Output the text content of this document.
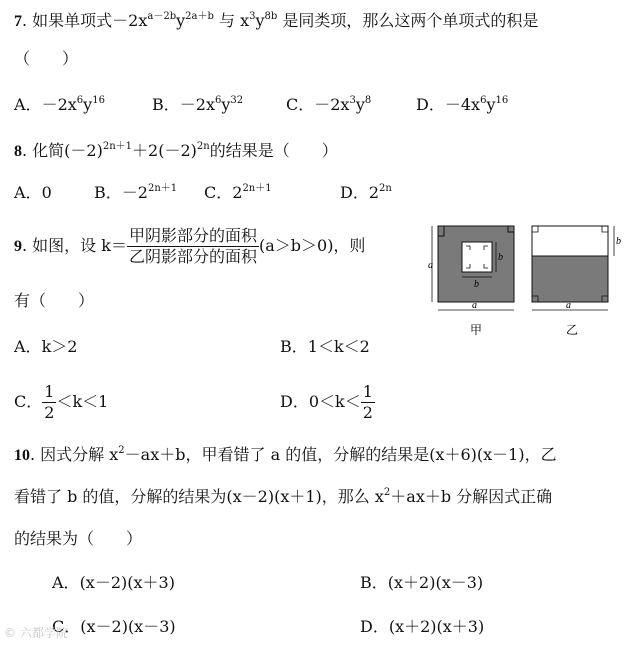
7. 如果单项式$-2x^{a-2b}y^{2a+b}$ 与 $x^3y^{8b}$ 是同类项，那么这两个单项式的积是
（　　）
A．$-2x^6y^{16}$	B．$-2x^6y^{32}$	C．$-2x^3y^8$	D．$-4x^6y^{16}$
8. 化简$(-2)^{2n+1}+2(-2)^{2n}$的结果是（　　）
A．0	B．$-2^{2n+1}$ C．$2^{2n+1}$	D．$2^{2n}$
9. 如图，设 $k= \frac{\text{甲阴影部分的面积}}{\text{乙阴影部分的面积}} (a>b>0)$，则
有（　　）
a
a
b
b
甲
b
a
乙
A．k＞2	B．1＜k＜2
C． $\frac{1}{2} <k<1$	D．$0<k< \frac{1}{2}$
10. 因式分解 $x^2-ax+b$，甲看错了 a 的值，分解的结果是(x＋6)(x－1)，乙
看错了 b 的值，分解的结果为(x－2)(x＋1)，那么 $x^2+ax+b$ 分解因式正确
的结果为（　　）
A．(x－2)(x＋3)	B．(x＋2)(x－3)
C．(x－2)(x－3)	D．(x＋2)(x＋3)
© 六都学院
